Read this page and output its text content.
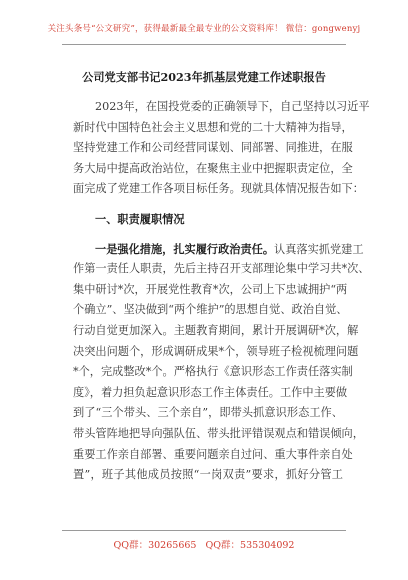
关注头条号“公文研究”，获得最新最全最专业的公文资料库！ 微信：gongwenyj
公司党支部书记2023年抓基层党建工作述职报告
2023年，在国投党委的正确领导下，自己坚持以习近平
新时代中国特色社会主义思想和党的二十大精神为指导，
坚持党建工作和公司经营同谋划、同部署、同推进，在服
务大局中提高政治站位，在聚焦主业中把握职责定位，全
面完成了党建工作各项目标任务。现就具体情况报告如下：
一、职责履职情况
一是强化措施，扎实履行政治责任。认真落实抓党建工
作第一责任人职责，先后主持召开支部理论集中学习共*次、
集中研讨*次，开展党性教育*次，公司上下忠诚拥护“两
个确立”、坚决做到“两个维护”的思想自觉、政治自觉、
行动自觉更加深入。主题教育期间，累计开展调研*次，解
决突出问题个，形成调研成果*个，领导班子检视梳理问题
*个，完成整改*个。严格执行《意识形态工作责任落实制
度》，着力担负起意识形态工作主体责任。工作中主要做
到了“三个带头、三个亲自”，即带头抓意识形态工作、
带头管阵地把导向强队伍、带头批评错误观点和错误倾向，
重要工作亲自部署、重要问题亲自过问、重大事件亲自处
置”，班子其他成员按照“一岗双责”要求，抓好分管工
QQ群：30265665 QQ群：535304092
